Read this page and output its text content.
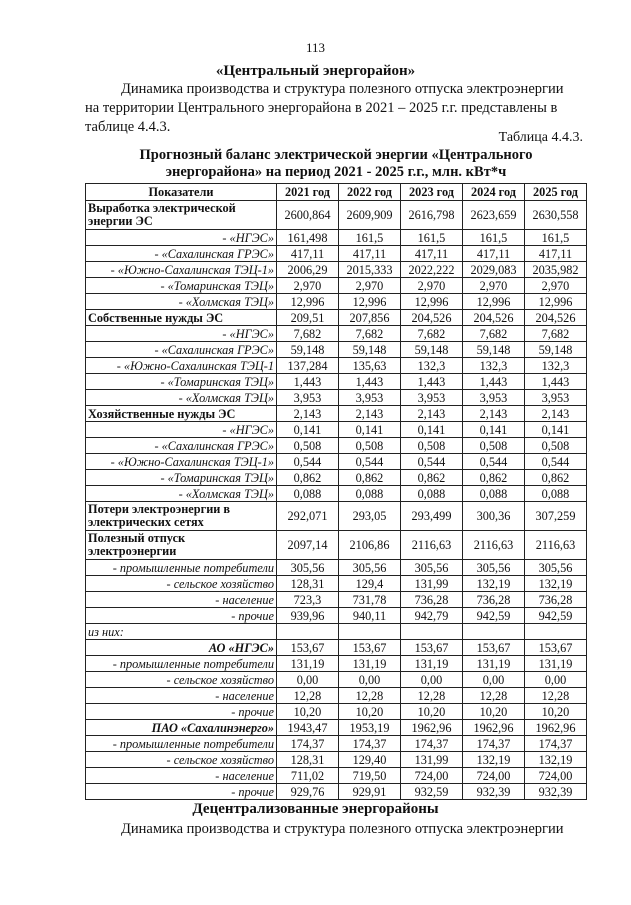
113
«Центральный энергорайон»
Динамика производства и структура полезного отпуска электроэнергии
на территории Центрального энергорайона в 2021 – 2025 г.г. представлены в
таблице 4.4.3.
Таблица 4.4.3.
Прогнозный баланс электрической энергии «Центрального
энергорайона» на период 2021 - 2025 г.г., млн. кВт*ч
Показатели	2021 год	2022 год	2023 год	2024 год	2025 год
Выработка электрической энергии ЭС	2600,864	2609,909	2616,798	2623,659	2630,558
- «НГЭС»	161,498	161,5	161,5	161,5	161,5
- «Сахалинская ГРЭС»	417,11	417,11	417,11	417,11	417,11
- «Южно-Сахалинская ТЭЦ-1»	2006,29	2015,333	2022,222	2029,083	2035,982
- «Томаринская ТЭЦ»	2,970	2,970	2,970	2,970	2,970
- «Холмская ТЭЦ»	12,996	12,996	12,996	12,996	12,996
Собственные нужды ЭС	209,51	207,856	204,526	204,526	204,526
- «НГЭС»	7,682	7,682	7,682	7,682	7,682
- «Сахалинская ГРЭС»	59,148	59,148	59,148	59,148	59,148
- «Южно-Сахалинская ТЭЦ-1	137,284	135,63	132,3	132,3	132,3
- «Томаринская ТЭЦ»	1,443	1,443	1,443	1,443	1,443
- «Холмская ТЭЦ»	3,953	3,953	3,953	3,953	3,953
Хозяйственные нужды ЭС	2,143	2,143	2,143	2,143	2,143
- «НГЭС»	0,141	0,141	0,141	0,141	0,141
- «Сахалинская ГРЭС»	0,508	0,508	0,508	0,508	0,508
- «Южно-Сахалинская ТЭЦ-1»	0,544	0,544	0,544	0,544	0,544
- «Томаринская ТЭЦ»	0,862	0,862	0,862	0,862	0,862
- «Холмская ТЭЦ»	0,088	0,088	0,088	0,088	0,088
Потери электроэнергии в электрических сетях	292,071	293,05	293,499	300,36	307,259
Полезный отпуск электроэнергии	2097,14	2106,86	2116,63	2116,63	2116,63
- промышленные потребители	305,56	305,56	305,56	305,56	305,56
- сельское хозяйство	128,31	129,4	131,99	132,19	132,19
- население	723,3	731,78	736,28	736,28	736,28
- прочие	939,96	940,11	942,79	942,59	942,59
из них:					
АО «НГЭС»	153,67	153,67	153,67	153,67	153,67
- промышленные потребители	131,19	131,19	131,19	131,19	131,19
- сельское хозяйство	0,00	0,00	0,00	0,00	0,00
- население	12,28	12,28	12,28	12,28	12,28
- прочие	10,20	10,20	10,20	10,20	10,20
ПАО «Сахалинэнерго»	1943,47	1953,19	1962,96	1962,96	1962,96
- промышленные потребители	174,37	174,37	174,37	174,37	174,37
- сельское хозяйство	128,31	129,40	131,99	132,19	132,19
- население	711,02	719,50	724,00	724,00	724,00
- прочие	929,76	929,91	932,59	932,39	932,39
Децентрализованные энергорайоны
Динамика производства и структура полезного отпуска электроэнергии
